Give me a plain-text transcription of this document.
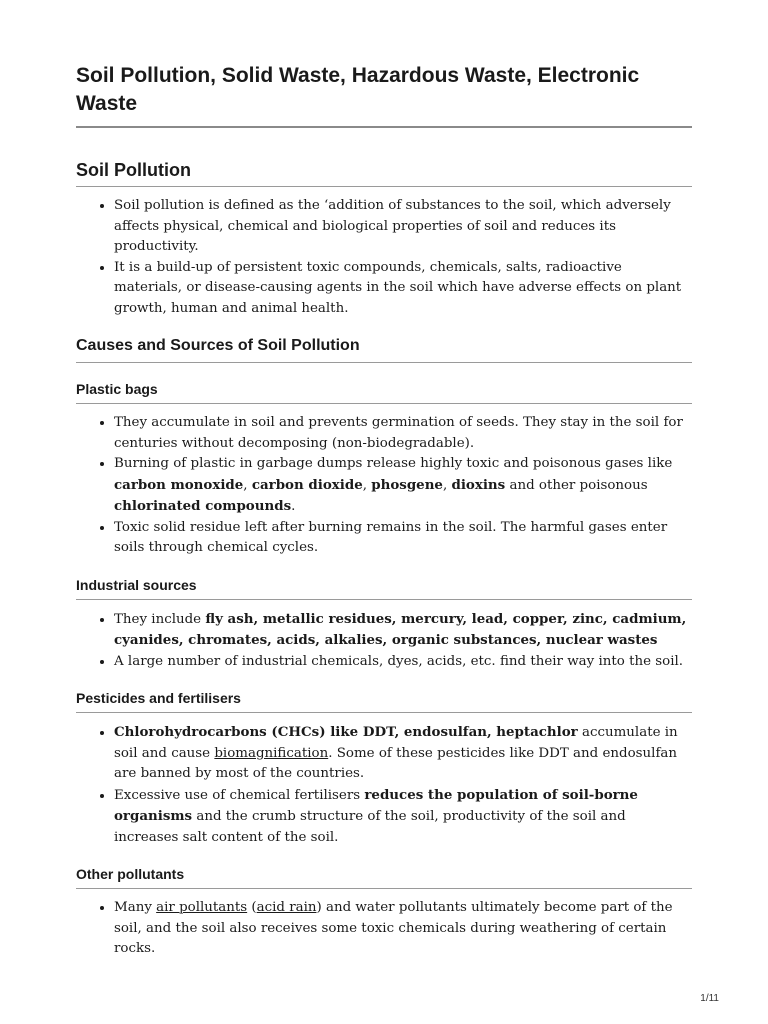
Soil Pollution, Solid Waste, Hazardous Waste, Electronic Waste
Soil Pollution
• Soil pollution is defined as the ‘addition of substances to the soil, which adversely affects physical, chemical and biological properties of soil and reduces its productivity.
• It is a build-up of persistent toxic compounds, chemicals, salts, radioactive materials, or disease-causing agents in the soil which have adverse effects on plant growth, human and animal health.
Causes and Sources of Soil Pollution
Plastic bags
• They accumulate in soil and prevents germination of seeds. They stay in the soil for centuries without decomposing (non-biodegradable).
• Burning of plastic in garbage dumps release highly toxic and poisonous gases like carbon monoxide, carbon dioxide, phosgene, dioxins and other poisonous chlorinated compounds.
• Toxic solid residue left after burning remains in the soil. The harmful gases enter soils through chemical cycles.
Industrial sources
• They include fly ash, metallic residues, mercury, lead, copper, zinc, cadmium, cyanides, chromates, acids, alkalies, organic substances, nuclear wastes
• A large number of industrial chemicals, dyes, acids, etc. find their way into the soil.
Pesticides and fertilisers
• Chlorohydrocarbons (CHCs) like DDT, endosulfan, heptachlor accumulate in soil and cause biomagnification. Some of these pesticides like DDT and endosulfan are banned by most of the countries.
• Excessive use of chemical fertilisers reduces the population of soil-borne organisms and the crumb structure of the soil, productivity of the soil and increases salt content of the soil.
Other pollutants
• Many air pollutants (acid rain) and water pollutants ultimately become part of the soil, and the soil also receives some toxic chemicals during weathering of certain rocks.
1/11
